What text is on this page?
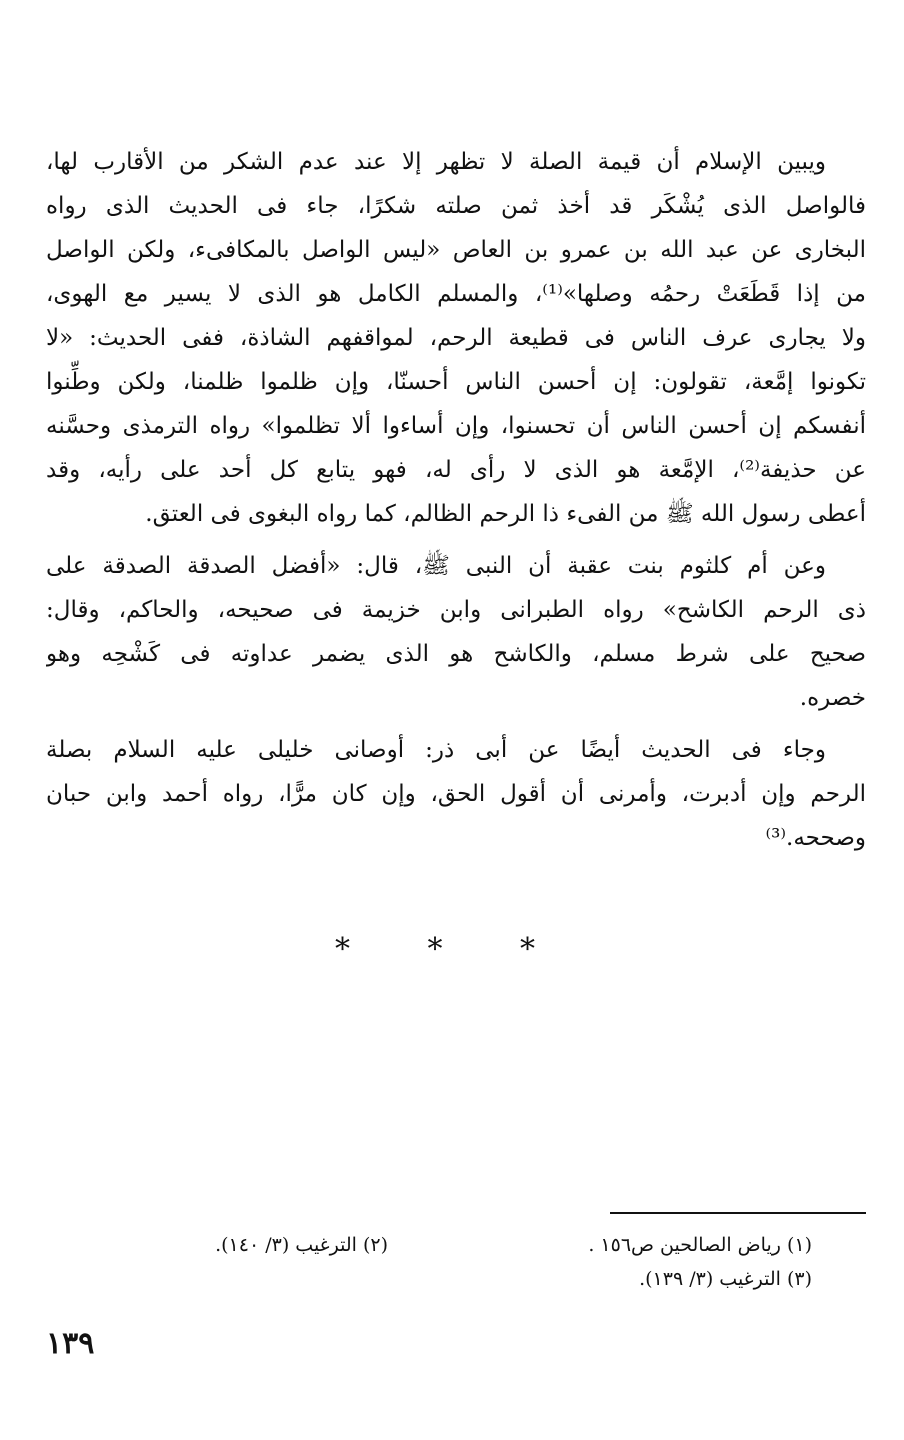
ويبين الإسلام أن قيمة الصلة لا تظهر إلا عند عدم الشكر من الأقارب لها،
فالواصل الذى يُشْكَر قد أخذ ثمن صلته شكرًا، جاء فى الحديث الذى رواه
البخارى عن عبد الله بن عمرو بن العاص «ليس الواصل بالمكافىء، ولكن الواصل
من إذا قَطَعَتْ رحمُه وصلها»⁽¹⁾، والمسلم الكامل هو الذى لا يسير مع الهوى،
ولا يجارى عرف الناس فى قطيعة الرحم، لمواقفهم الشاذة، ففى الحديث: «لا
تكونوا إمَّعة، تقولون: إن أحسن الناس أحسنّا، وإن ظلموا ظلمنا، ولكن وطِّنوا
أنفسكم إن أحسن الناس أن تحسنوا، وإن أساءوا ألا تظلموا» رواه الترمذى وحسَّنه
عن حذيفة⁽²⁾، الإمَّعة هو الذى لا رأى له، فهو يتابع كل أحد على رأيه، وقد
أعطى رسول الله ﷺ من الفىء ذا الرحم الظالم، كما رواه البغوى فى العتق.
وعن أم كلثوم بنت عقبة أن النبى ﷺ، قال: «أفضل الصدقة الصدقة على
ذى الرحم الكاشح» رواه الطبرانى وابن خزيمة فى صحيحه، والحاكم، وقال:
صحيح على شرط مسلم، والكاشح هو الذى يضمر عداوته فى كَشْحِه وهو
خصره.
وجاء فى الحديث أيضًا عن أبى ذر: أوصانى خليلى عليه السلام بصلة
الرحم وإن أدبرت، وأمرنى أن أقول الحق، وإن كان مرًّا، رواه أحمد وابن حبان
وصححه.⁽³⁾
* * *
(١) رياض الصالحين ص١٥٦ .
(٣) الترغيب (٣/ ١٣٩).
(٢) الترغيب (٣/ ١٤٠).
١٣٩
